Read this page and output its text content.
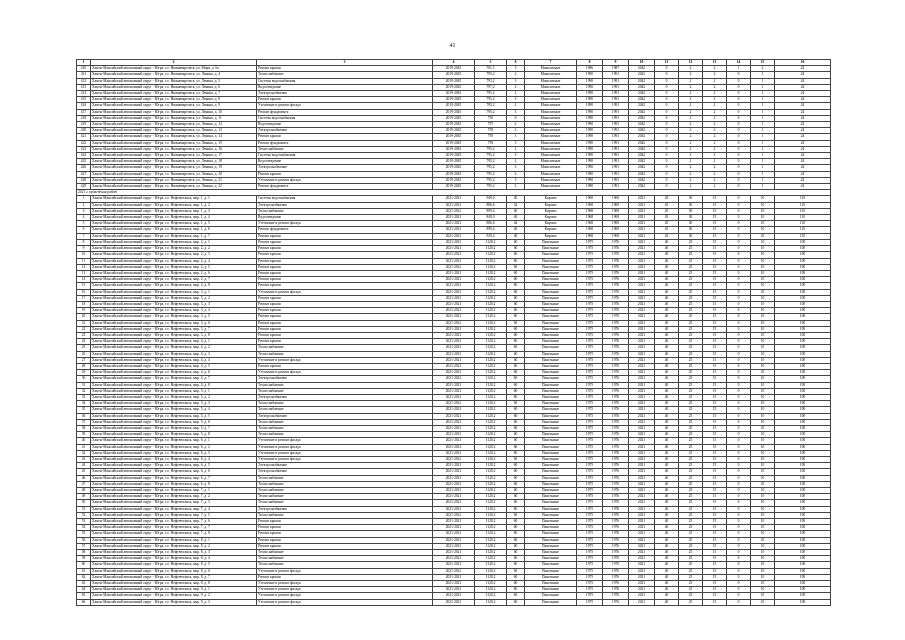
41
1	2	3	4	5	6	7	8	9	10	11	12	13	14	15	16
410	Ханты-Мансийский автономный округ - Югра, г.о. Нижневартовск, ул. Мира, д. 6а	Ремонт крыши	2019-2045	701,1	3	Монолитные	1986	1987	2042	0	2	2	1	2	24
411	Ханты-Мансийский автономный округ - Югра, г.о. Нижневартовск, ул. Ленина, д. 4	Теплоснабжение	2019-2045	795,2	2	Монолитные	1990	1991	2042	0	2	2	0	1	24
412	Ханты-Мансийский автономный округ - Югра, г.о. Нижневартовск, ул. Ленина, д. 5	Система водоснабжения	2019-2045	793,2	3	Монолитные	1990	1991	2042	0	2	2	0	1	24
413	Ханты-Мансийский автономный округ - Югра, г.о. Нижневартовск, ул. Ленина, д. 6	Водоотведение	2019-2045	797,2	2	Монолитные	1990	1991	2042	0	2	2	0	1	24
414	Ханты-Мансийский автономный округ - Югра, г.о. Нижневартовск, ул. Ленина, д. 7	Электроснабжение	2019-2045	795,2	2	Монолитные	1990	1991	2042	0	2	2	0	1	24
415	Ханты-Мансийский автономный округ - Югра, г.о. Нижневартовск, ул. Ленина, д. 8	Ремонт крыши	2019-2045	795,2	3	Монолитные	1990	1991	2042	0	2	2	0	1	24
416	Ханты-Мансийский автономный округ - Югра, г.о. Нижневартовск, ул. Ленина, д. 9	Утепление и ремонт фасада	2019-2045	795,2	2	Монолитные	1990	1991	2042	0	2	2	0	1	24
417	Ханты-Мансийский автономный округ - Югра, г.о. Нижневартовск, ул. Ленина, д. 10	Ремонт фундамента	2019-2045	795,2	3	Монолитные	1990	1991	2042	0	2	2	0	1	24
418	Ханты-Мансийский автономный округ - Югра, г.о. Нижневартовск, ул. Ленина, д. 11	Система водоснабжения	2019-2045	795	6	Монолитные	1990	1991	2042	0	2	2	0	1	24
419	Ханты-Мансийский автономный округ - Югра, г.о. Нижневартовск, ул. Ленина, д. 12	Водоотведение	2019-2045	797	2	Монолитные	1990	1991	2042	0	2	2	0	1	24
420	Ханты-Мансийский автономный округ - Югра, г.о. Нижневартовск, ул. Ленина, д. 13	Электроснабжение	2019-2045	795	2	Монолитные	1990	1991	2042	0	2	2	0	1	24
421	Ханты-Мансийский автономный округ - Югра, г.о. Нижневартовск, ул. Ленина, д. 14	Ремонт крыши	2019-2045	795	3	Монолитные	1990	1991	2042	0	2	2	0	1	24
422	Ханты-Мансийский автономный округ - Югра, г.о. Нижневартовск, ул. Ленина, д. 15	Ремонт фундамента	2019-2045	795	3	Монолитные	1990	1991	2042	0	2	2	0	1	24
423	Ханты-Мансийский автономный округ - Югра, г.о. Нижневартовск, ул. Ленина, д. 16	Теплоснабжение	2019-2045	795,2	2	Монолитные	1990	1991	2042	0	2	2	0	1	24
424	Ханты-Мансийский автономный округ - Югра, г.о. Нижневартовск, ул. Ленина, д. 17	Система водоснабжения	2019-2045	795,2	3	Монолитные	1990	1991	2042	0	2	2	0	1	24
425	Ханты-Мансийский автономный округ - Югра, г.о. Нижневартовск, ул. Ленина, д. 18	Водоотведение	2019-2045	795,2	2	Монолитные	1990	1991	2042	0	2	2	0	1	24
426	Ханты-Мансийский автономный округ - Югра, г.о. Нижневартовск, ул. Ленина, д. 19	Электроснабжение	2019-2045	795,2	3	Монолитные	1990	1991	2042	0	2	2	0	1	24
427	Ханты-Мансийский автономный округ - Югра, г.о. Нижневартовск, ул. Ленина, д. 20	Ремонт крыши	2019-2045	795,2	2	Монолитные	1990	1991	2042	0	2	2	0	1	24
428	Ханты-Мансийский автономный округ - Югра, г.о. Нижневартовск, ул. Ленина, д. 21	Утепление и ремонт фасада	2019-2045	795,2	3	Монолитные	1990	1991	2042	0	2	2	0	1	24
429	Ханты-Мансийский автономный округ - Югра, г.о. Нижневартовск, ул. Ленина, д. 22	Ремонт фундамента	2019-2045	795,2	2	Монолитные	1990	1991	2042	0	2	2	0	1	24
2021 г. проведения работ															
1	Ханты-Мансийский автономный округ - Югра, г.о. Нефтеюганск, мкр. 1, д. 1	Система водоснабжения	2021-2021	949,0	40	Кирпич	1968	1969	2021	45	30	15	0	10	110
2	Ханты-Мансийский автономный округ - Югра, г.о. Нефтеюганск, мкр. 1, д. 2	Электроснабжение	2021-2021	886,6	42	Кирпич	1968	1969	2021	45	30	15	0	10	110
3	Ханты-Мансийский автономный округ - Югра, г.о. Нефтеюганск, мкр. 1, д. 3	Теплоснабжение	2021-2021	899,4	40	Кирпич	1968	1969	2021	45	30	15	0	10	110
4	Ханты-Мансийский автономный округ - Югра, г.о. Нефтеюганск, мкр. 1, д. 4	Водоотведение	2021-2021	849,0	40	Кирпич	1968	1969	2021	45	30	15	0	10	110
5	Ханты-Мансийский автономный округ - Югра, г.о. Нефтеюганск, мкр. 1, д. 5	Утепление и ремонт фасада	2021-2021	886,6	44	Кирпич	1968	1969	2021	45	30	15	0	10	110
6	Ханты-Мансийский автономный округ - Югра, г.о. Нефтеюганск, мкр. 1, д. 6	Ремонт фундамента	2021-2021	899,4	40	Кирпич	1968	1969	2021	45	30	15	0	10	110
7	Ханты-Мансийский автономный округ - Югра, г.о. Нефтеюганск, мкр. 1, д. 7	Ремонт крыши	2021-2021	929,4	40	Кирпич	1968	1969	2021	45	30	15	0	10	110
8	Ханты-Мансийский автономный округ - Югра, г.о. Нефтеюганск, мкр. 2, д. 1	Ремонт крыши	2021-2021	1120,2	60	Панельные	1975	1976	2021	40	25	15	0	10	100
9	Ханты-Мансийский автономный округ - Югра, г.о. Нефтеюганск, мкр. 2, д. 2	Ремонт крыши	2021-2021	1120,2	60	Панельные	1975	1976	2021	40	25	15	0	10	100
10	Ханты-Мансийский автономный округ - Югра, г.о. Нефтеюганск, мкр. 2, д. 3	Ремонт крыши	2021-2021	1120,2	60	Панельные	1975	1976	2021	40	25	15	0	10	100
11	Ханты-Мансийский автономный округ - Югра, г.о. Нефтеюганск, мкр. 2, д. 4	Ремонт крыши	2021-2021	1120,2	60	Панельные	1975	1976	2021	40	25	15	0	10	100
12	Ханты-Мансийский автономный округ - Югра, г.о. Нефтеюганск, мкр. 2, д. 5	Ремонт крыши	2021-2021	1120,2	60	Панельные	1975	1976	2021	40	25	15	0	10	100
13	Ханты-Мансийский автономный округ - Югра, г.о. Нефтеюганск, мкр. 2, д. 6	Ремонт крыши	2021-2021	1120,2	60	Панельные	1975	1976	2021	40	25	15	0	10	100
14	Ханты-Мансийский автономный округ - Югра, г.о. Нефтеюганск, мкр. 2, д. 7	Ремонт крыши	2021-2021	1120,2	60	Панельные	1975	1976	2021	40	25	15	0	10	100
15	Ханты-Мансийский автономный округ - Югра, г.о. Нефтеюганск, мкр. 2, д. 8	Ремонт крыши	2021-2021	1120,2	60	Панельные	1975	1976	2021	40	25	15	0	10	100
16	Ханты-Мансийский автономный округ - Югра, г.о. Нефтеюганск, мкр. 3, д. 1	Утепление и ремонт фасада	2021-2021	1120,2	60	Панельные	1975	1976	2021	40	25	15	0	10	100
17	Ханты-Мансийский автономный округ - Югра, г.о. Нефтеюганск, мкр. 3, д. 2	Ремонт крыши	2021-2021	1120,2	60	Панельные	1975	1976	2021	40	25	15	0	10	100
18	Ханты-Мансийский автономный округ - Югра, г.о. Нефтеюганск, мкр. 3, д. 3	Ремонт крыши	2021-2021	1120,2	60	Панельные	1975	1976	2021	40	25	15	0	10	100
19	Ханты-Мансийский автономный округ - Югра, г.о. Нефтеюганск, мкр. 3, д. 4	Ремонт крыши	2021-2021	1120,2	60	Панельные	1975	1976	2021	40	25	15	0	10	100
20	Ханты-Мансийский автономный округ - Югра, г.о. Нефтеюганск, мкр. 3, д. 5	Ремонт крыши	2021-2021	1120,2	60	Панельные	1975	1976	2021	40	25	15	0	10	100
21	Ханты-Мансийский автономный округ - Югра, г.о. Нефтеюганск, мкр. 3, д. 6	Ремонт крыши	2021-2021	1120,2	60	Панельные	1975	1976	2021	40	25	15	0	10	100
22	Ханты-Мансийский автономный округ - Югра, г.о. Нефтеюганск, мкр. 3, д. 7	Ремонт крыши	2021-2021	1120,2	60	Панельные	1975	1976	2021	40	25	15	0	10	100
23	Ханты-Мансийский автономный округ - Югра, г.о. Нефтеюганск, мкр. 3, д. 8	Ремонт крыши	2021-2021	1120,2	60	Панельные	1975	1976	2021	40	25	15	0	10	100
24	Ханты-Мансийский автономный округ - Югра, г.о. Нефтеюганск, мкр. 4, д. 1	Ремонт крыши	2021-2021	1120,2	60	Панельные	1975	1976	2021	40	25	15	0	10	100
25	Ханты-Мансийский автономный округ - Югра, г.о. Нефтеюганск, мкр. 4, д. 2	Теплоснабжение	2021-2021	1120,2	60	Панельные	1975	1976	2021	40	25	15	0	10	100
26	Ханты-Мансийский автономный округ - Югра, г.о. Нефтеюганск, мкр. 4, д. 3	Теплоснабжение	2021-2021	1120,2	60	Панельные	1975	1976	2021	40	25	15	0	10	100
27	Ханты-Мансийский автономный округ - Югра, г.о. Нефтеюганск, мкр. 4, д. 4	Утепление и ремонт фасада	2021-2021	1120,2	60	Панельные	1975	1976	2021	40	25	15	0	10	100
28	Ханты-Мансийский автономный округ - Югра, г.о. Нефтеюганск, мкр. 4, д. 5	Ремонт крыши	2021-2021	1120,2	60	Панельные	1975	1976	2021	40	25	15	0	10	100
29	Ханты-Мансийский автономный округ - Югра, г.о. Нефтеюганск, мкр. 4, д. 6	Утепление и ремонт фасада	2021-2021	1120,2	60	Панельные	1975	1976	2021	40	25	15	0	10	100
30	Ханты-Мансийский автономный округ - Югра, г.о. Нефтеюганск, мкр. 4, д. 7	Электроснабжение	2021-2021	1120,2	60	Панельные	1975	1976	2021	40	25	15	0	10	100
31	Ханты-Мансийский автономный округ - Югра, г.о. Нефтеюганск, мкр. 4, д. 8	Теплоснабжение	2021-2021	1120,2	60	Панельные	1975	1976	2021	40	25	15	0	10	100
32	Ханты-Мансийский автономный округ - Югра, г.о. Нефтеюганск, мкр. 5, д. 1	Теплоснабжение	2021-2021	1120,2	60	Панельные	1975	1976	2021	40	25	15	0	10	100
33	Ханты-Мансийский автономный округ - Югра, г.о. Нефтеюганск, мкр. 5, д. 2	Электроснабжение	2021-2021	1120,2	60	Панельные	1975	1976	2021	40	25	15	0	10	100
34	Ханты-Мансийский автономный округ - Югра, г.о. Нефтеюганск, мкр. 5, д. 3	Теплоснабжение	2021-2021	1120,2	60	Панельные	1975	1976	2021	40	25	15	0	10	100
35	Ханты-Мансийский автономный округ - Югра, г.о. Нефтеюганск, мкр. 5, д. 4	Теплоснабжение	2021-2021	1120,2	60	Панельные	1975	1976	2021	40	25	15	0	10	100
36	Ханты-Мансийский автономный округ - Югра, г.о. Нефтеюганск, мкр. 5, д. 5	Электроснабжение	2021-2021	1120,2	60	Панельные	1975	1976	2021	40	25	15	0	10	100
37	Ханты-Мансийский автономный округ - Югра, г.о. Нефтеюганск, мкр. 5, д. 6	Теплоснабжение	2021-2021	1120,2	60	Панельные	1975	1976	2021	40	25	15	0	10	100
38	Ханты-Мансийский автономный округ - Югра, г.о. Нефтеюганск, мкр. 5, д. 7	Теплоснабжение	2021-2021	1120,2	60	Панельные	1975	1976	2021	40	25	15	0	10	100
39	Ханты-Мансийский автономный округ - Югра, г.о. Нефтеюганск, мкр. 5, д. 8	Теплоснабжение	2021-2021	1120,2	60	Панельные	1975	1976	2021	40	25	15	0	10	100
40	Ханты-Мансийский автономный округ - Югра, г.о. Нефтеюганск, мкр. 6, д. 1	Утепление и ремонт фасада	2021-2021	1120,2	60	Панельные	1975	1976	2021	40	25	15	0	10	100
41	Ханты-Мансийский автономный округ - Югра, г.о. Нефтеюганск, мкр. 6, д. 2	Утепление и ремонт фасада	2021-2021	1120,2	60	Панельные	1975	1976	2021	40	25	15	0	10	100
42	Ханты-Мансийский автономный округ - Югра, г.о. Нефтеюганск, мкр. 6, д. 3	Утепление и ремонт фасада	2021-2021	1120,2	60	Панельные	1975	1976	2021	40	25	15	0	10	100
43	Ханты-Мансийский автономный округ - Югра, г.о. Нефтеюганск, мкр. 6, д. 4	Утепление и ремонт фасада	2021-2021	1120,2	60	Панельные	1975	1976	2021	40	25	15	0	10	100
44	Ханты-Мансийский автономный округ - Югра, г.о. Нефтеюганск, мкр. 6, д. 5	Электроснабжение	2021-2021	1120,2	60	Панельные	1975	1976	2021	40	25	15	0	10	100
45	Ханты-Мансийский автономный округ - Югра, г.о. Нефтеюганск, мкр. 6, д. 6	Электроснабжение	2021-2021	1120,2	60	Панельные	1975	1976	2021	40	25	15	0	10	100
46	Ханты-Мансийский автономный округ - Югра, г.о. Нефтеюганск, мкр. 6, д. 7	Теплоснабжение	2021-2021	1120,2	60	Панельные	1975	1976	2021	40	25	15	0	10	100
47	Ханты-Мансийский автономный округ - Югра, г.о. Нефтеюганск, мкр. 6, д. 8	Теплоснабжение	2021-2021	1120,2	60	Панельные	1975	1976	2021	40	25	15	0	10	100
48	Ханты-Мансийский автономный округ - Югра, г.о. Нефтеюганск, мкр. 7, д. 1	Теплоснабжение	2021-2021	1120,2	60	Панельные	1975	1976	2021	40	25	15	0	10	100
49	Ханты-Мансийский автономный округ - Югра, г.о. Нефтеюганск, мкр. 7, д. 2	Теплоснабжение	2021-2021	1120,2	60	Панельные	1975	1976	2021	40	25	15	0	10	100
50	Ханты-Мансийский автономный округ - Югра, г.о. Нефтеюганск, мкр. 7, д. 3	Теплоснабжение	2021-2021	1120,2	60	Панельные	1975	1976	2021	40	25	15	0	10	100
51	Ханты-Мансийский автономный округ - Югра, г.о. Нефтеюганск, мкр. 7, д. 4	Электроснабжение	2021-2021	1120,2	60	Панельные	1975	1976	2021	40	25	15	0	10	100
52	Ханты-Мансийский автономный округ - Югра, г.о. Нефтеюганск, мкр. 7, д. 5	Теплоснабжение	2021-2021	1120,2	60	Панельные	1975	1976	2021	40	25	15	0	10	100
53	Ханты-Мансийский автономный округ - Югра, г.о. Нефтеюганск, мкр. 7, д. 6	Ремонт крыши	2021-2021	1120,2	60	Панельные	1975	1976	2021	40	25	15	0	10	100
54	Ханты-Мансийский автономный округ - Югра, г.о. Нефтеюганск, мкр. 7, д. 7	Ремонт крыши	2021-2021	1120,2	60	Панельные	1975	1976	2021	40	25	15	0	10	100
55	Ханты-Мансийский автономный округ - Югра, г.о. Нефтеюганск, мкр. 7, д. 8	Ремонт крыши	2021-2021	1120,2	60	Панельные	1975	1976	2021	40	25	15	0	10	100
56	Ханты-Мансийский автономный округ - Югра, г.о. Нефтеюганск, мкр. 8, д. 1	Ремонт крыши	2021-2021	1120,2	60	Панельные	1975	1976	2021	40	25	15	0	10	100
57	Ханты-Мансийский автономный округ - Югра, г.о. Нефтеюганск, мкр. 8, д. 2	Ремонт крыши	2021-2021	1120,2	60	Панельные	1975	1976	2021	40	25	15	0	10	100
58	Ханты-Мансийский автономный округ - Югра, г.о. Нефтеюганск, мкр. 8, д. 3	Теплоснабжение	2021-2021	1120,2	60	Панельные	1975	1976	2021	40	25	15	0	10	100
59	Ханты-Мансийский автономный округ - Югра, г.о. Нефтеюганск, мкр. 8, д. 4	Теплоснабжение	2021-2021	1120,2	60	Панельные	1975	1976	2021	40	25	15	0	10	100
60	Ханты-Мансийский автономный округ - Югра, г.о. Нефтеюганск, мкр. 8, д. 5	Теплоснабжение	2021-2021	1120,2	60	Панельные	1975	1976	2021	40	25	15	0	10	100
61	Ханты-Мансийский автономный округ - Югра, г.о. Нефтеюганск, мкр. 8, д. 6	Утепление и ремонт фасада	2021-2021	1120,2	60	Панельные	1975	1976	2021	40	25	15	0	10	100
62	Ханты-Мансийский автономный округ - Югра, г.о. Нефтеюганск, мкр. 8, д. 7	Ремонт крыши	2021-2021	1120,2	60	Панельные	1975	1976	2021	40	25	15	0	10	100
63	Ханты-Мансийский автономный округ - Югра, г.о. Нефтеюганск, мкр. 8, д. 8	Утепление и ремонт фасада	2021-2021	1120,2	60	Панельные	1975	1976	2021	40	25	15	0	10	100
64	Ханты-Мансийский автономный округ - Югра, г.о. Нефтеюганск, мкр. 9, д. 1	Утепление и ремонт фасада	2021-2021	1120,2	60	Панельные	1975	1976	2021	40	25	15	0	10	100
65	Ханты-Мансийский автономный округ - Югра, г.о. Нефтеюганск, мкр. 9, д. 2	Утепление и ремонт фасада	2021-2021	1120,2	60	Панельные	1975	1976	2021	40	25	15	0	10	100
66	Ханты-Мансийский автономный округ - Югра, г.о. Нефтеюганск, мкр. 9, д. 3	Утепление и ремонт фасада	2021-2021	1120,2	60	Панельные	1975	1976	2021	40	25	15	0	10	100
